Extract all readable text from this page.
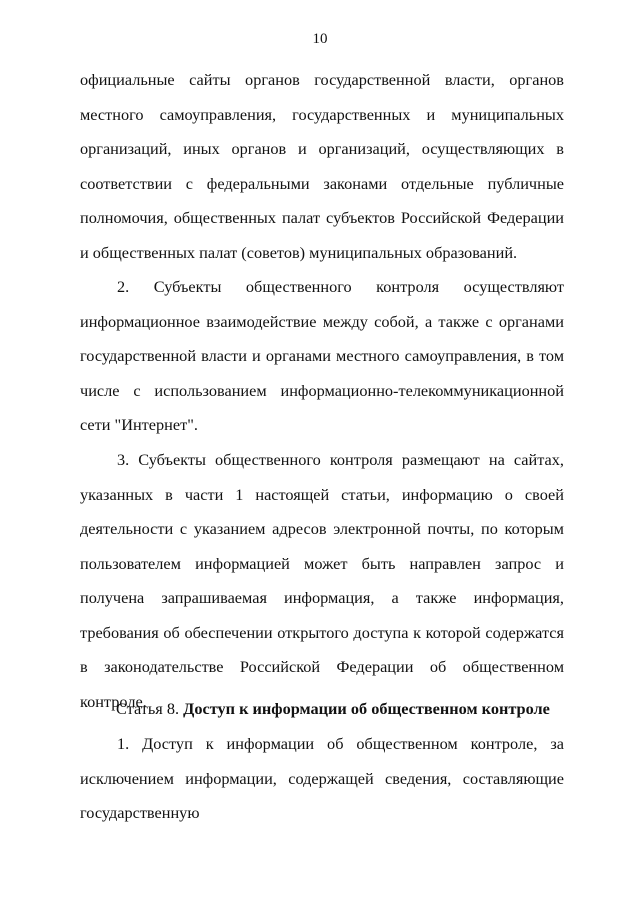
10

официальные сайты органов государственной власти, органов местного самоуправления, государственных и муниципальных организаций, иных органов и организаций, осуществляющих в соответствии с федеральными законами отдельные публичные полномочия, общественных палат субъектов Российской Федерации и общественных палат (советов) муниципальных образований.

2. Субъекты общественного контроля осуществляют информационное взаимодействие между собой, а также с органами государственной власти и органами местного самоуправления, в том числе с использованием информационно-телекоммуникационной сети "Интернет".

3. Субъекты общественного контроля размещают на сайтах, указанных в части 1 настоящей статьи, информацию о своей деятельности с указанием адресов электронной почты, по которым пользователем информацией может быть направлен запрос и получена запрашиваемая информация, а также информация, требования об обеспечении открытого доступа к которой содержатся в законодательстве Российской Федерации об общественном контроле.

Статья 8. Доступ к информации об общественном контроле

1. Доступ к информации об общественном контроле, за исключением информации, содержащей сведения, составляющие государственную
